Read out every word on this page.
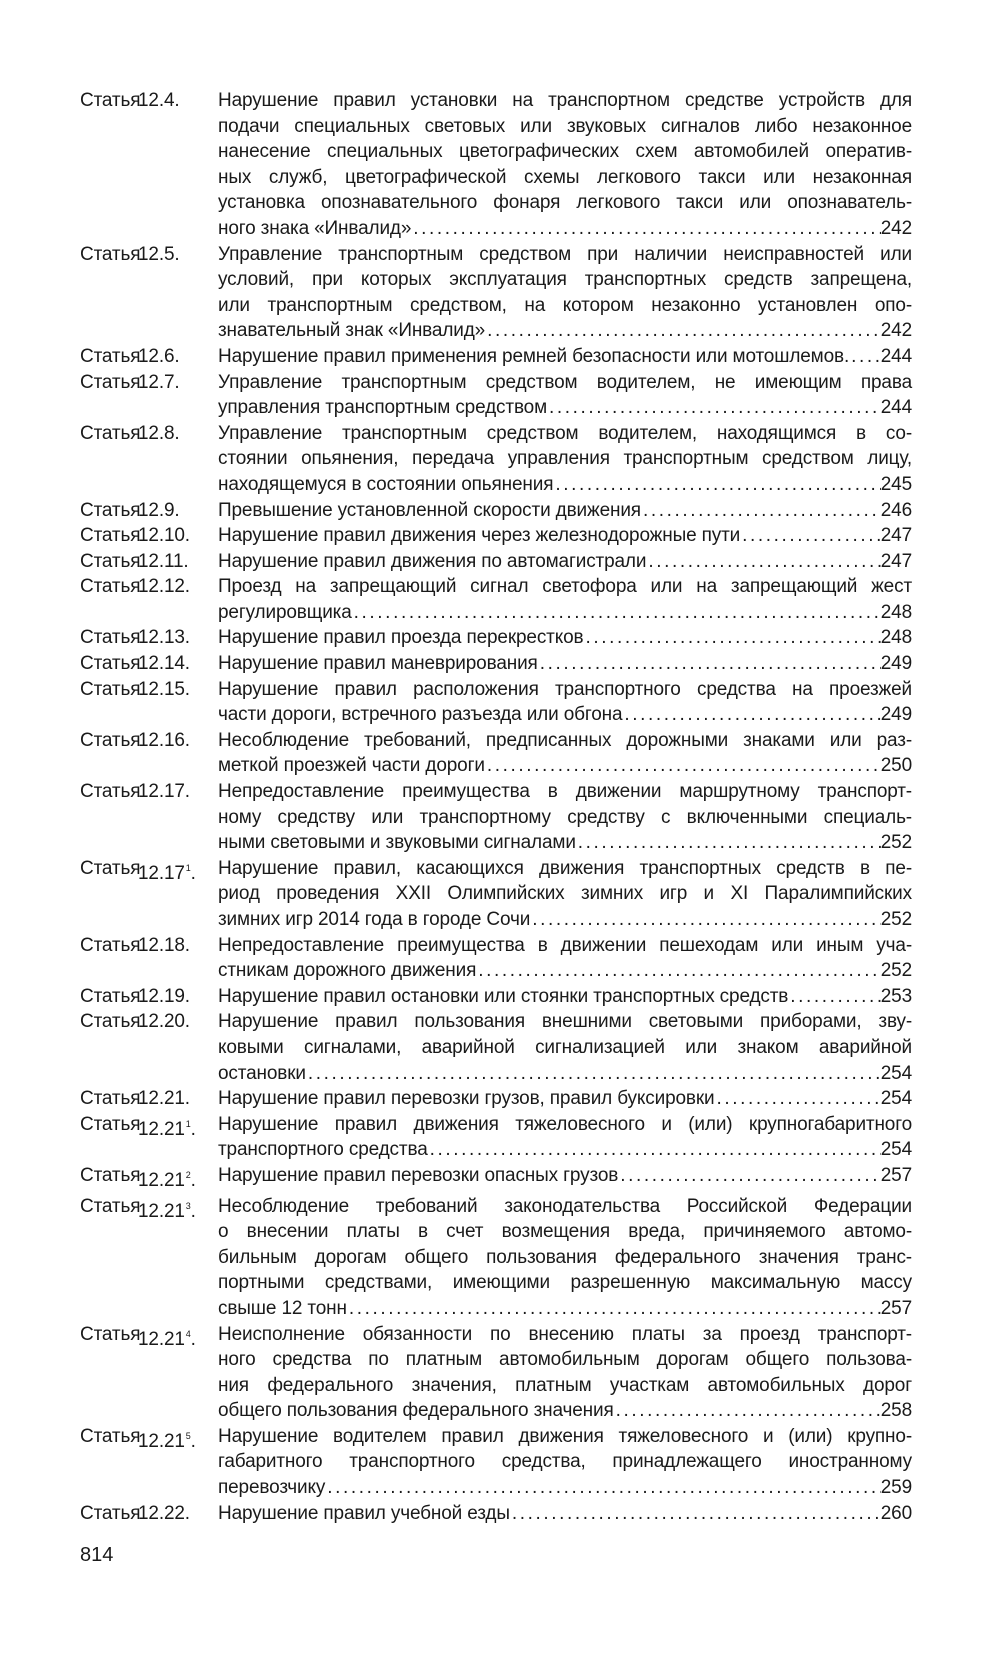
Статья
12.4.	Нарушение правил установки на транспортном средстве устройств для
подачи специальных световых или звуковых сигналов либо незаконное
нанесение специальных цветографических схем автомобилей оператив-
ных служб, цветографической схемы легкового такси или незаконная
установка опознавательного фонаря легкового такси или опознаватель-
ного знака «Инвалид» .....	242
Статья
12.5.	Управление транспортным средством при наличии неисправностей или
условий, при которых эксплуатация транспортных средств запрещена,
или транспортным средством, на котором незаконно установлен опо-
знавательный знак «Инвалид» .....	242
Статья
12.6.	Нарушение правил применения ремней безопасности или мотошлемов. ..... 244
Статья
12.7.	Управление транспортным средством водителем, не имеющим права
управления транспортным средством .....	244
Статья
12.8.	Управление транспортным средством водителем, находящимся в со-
стоянии опьянения, передача управления транспортным средством лицу,
находящемуся в состоянии опьянения .....	245
Статья
12.9.	Превышение установленной скорости движения .....	246
Статья
12.10.	Нарушение правил движения через железнодорожные пути .....	247
Статья
12.11.	Нарушение правил движения по автомагистрали .....	247
Статья
12.12.	Проезд на запрещающий сигнал светофора или на запрещающий жест
регулировщика .....	248
Статья
12.13.	Нарушение правил проезда перекрестков .....	248
Статья
12.14.	Нарушение правил маневрирования .....	249
Статья
12.15.	Нарушение правил расположения транспортного средства на проезжей
части дороги, встречного разъезда или обгона .....	249
Статья
12.16.	Несоблюдение требований, предписанных дорожными знаками или раз-
меткой проезжей части дороги .....	250
Статья
12.17.	Непредоставление преимущества в движении маршрутному транспорт-
ному средству или транспортному средству с включенными специаль-
ными световыми и звуковыми сигналами .....	252
Статья
12.17$^1$.	Нарушение правил, касающихся движения транспортных средств в пе-
риод проведения XXII Олимпийских зимних игр и XI Паралимпийских
зимних игр 2014 года в городе Сочи .....	252
Статья
12.18.	Непредоставление преимущества в движении пешеходам или иным уча-
стникам дорожного движения .....	252
Статья
12.19.	Нарушение правил остановки или стоянки транспортных средств .....	253
Статья
12.20.	Нарушение правил пользования внешними световыми приборами, зву-
ковыми сигналами, аварийной сигнализацией или знаком аварийной
остановки .....	254
Статья
12.21.	Нарушение правил перевозки грузов, правил буксировки .....	254
Статья
12.21$^1$.	Нарушение правил движения тяжеловесного и (или) крупногабаритного
транспортного средства .....	254
Статья
12.21$^2$.	Нарушение правил перевозки опасных грузов .....	257
Статья
12.21$^3$.	Несоблюдение требований законодательства Российской Федерации
о внесении платы в счет возмещения вреда, причиняемого автомо-
бильным дорогам общего пользования федерального значения транс-
портными средствами, имеющими разрешенную максимальную массу
свыше 12 тонн .....	257
Статья
12.21$^4$.	Неисполнение обязанности по внесению платы за проезд транспорт-
ного средства по платным автомобильным дорогам общего пользова-
ния федерального значения, платным участкам автомобильных дорог
общего пользования федерального значения .....	258
Статья
12.21$^5$.	Нарушение водителем правил движения тяжеловесного и (или) крупно-
габаритного транспортного средства, принадлежащего иностранному
перевозчику .....	259
Статья
12.22.	Нарушение правил учебной езды .....	260
814
